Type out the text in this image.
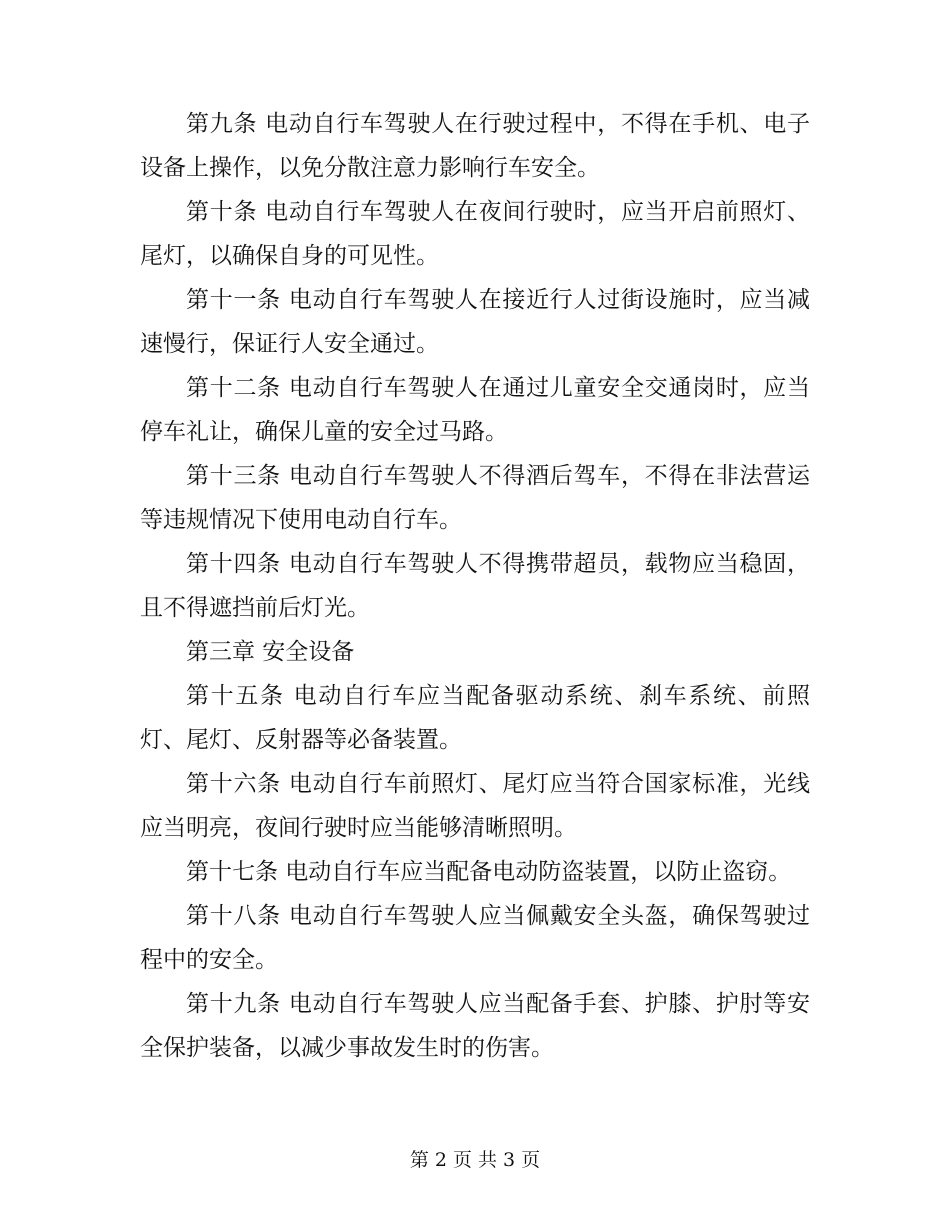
第九条 电动自行车驾驶人在行驶过程中，不得在手机、电子设备上操作，以免分散注意力影响行车安全。

第十条 电动自行车驾驶人在夜间行驶时，应当开启前照灯、尾灯，以确保自身的可见性。

第十一条 电动自行车驾驶人在接近行人过街设施时，应当减速慢行，保证行人安全通过。

第十二条 电动自行车驾驶人在通过儿童安全交通岗时，应当停车礼让，确保儿童的安全过马路。

第十三条 电动自行车驾驶人不得酒后驾车，不得在非法营运等违规情况下使用电动自行车。

第十四条 电动自行车驾驶人不得携带超员，载物应当稳固，且不得遮挡前后灯光。

第三章 安全设备

第十五条 电动自行车应当配备驱动系统、刹车系统、前照灯、尾灯、反射器等必备装置。

第十六条 电动自行车前照灯、尾灯应当符合国家标准，光线应当明亮，夜间行驶时应当能够清晰照明。

第十七条 电动自行车应当配备电动防盗装置，以防止盗窃。

第十八条 电动自行车驾驶人应当佩戴安全头盔，确保驾驶过程中的安全。

第十九条 电动自行车驾驶人应当配备手套、护膝、护肘等安全保护装备，以减少事故发生时的伤害。

第 2 页 共 3 页
